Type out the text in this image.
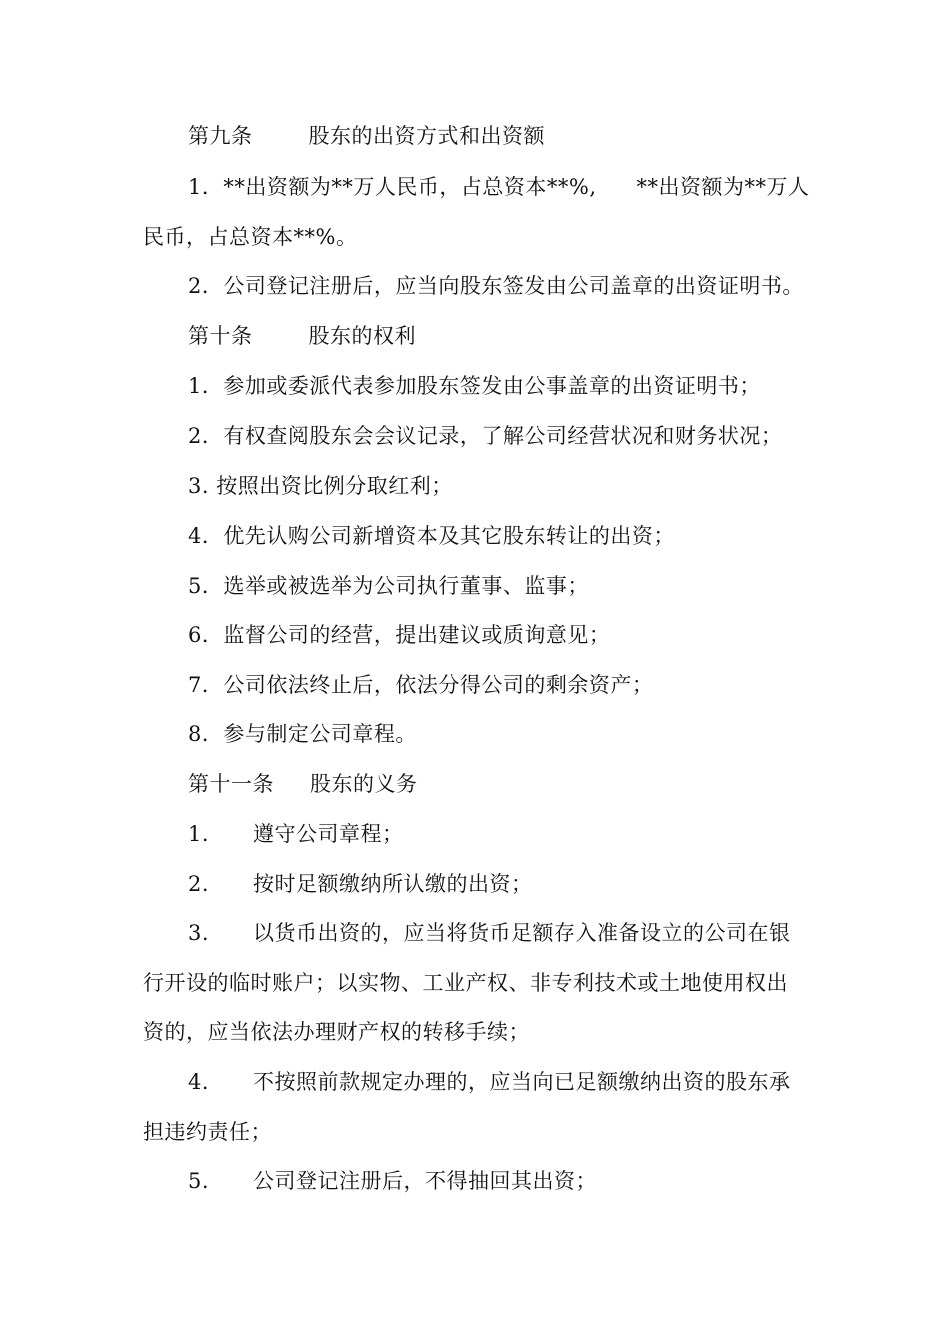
第九条	股东的出资方式和出资额
1．**出资额为**万人民币，占总资本**%, **出资额为**万人
民币，占总资本**%。
2．公司登记注册后，应当向股东签发由公司盖章的出资证明书。
第十条	股东的权利
1．参加或委派代表参加股东签发由公事盖章的出资证明书；
2．有权查阅股东会会议记录，了解公司经营状况和财务状况；
3. 按照出资比例分取红利；
4．优先认购公司新增资本及其它股东转让的出资；
5．选举或被选举为公司执行董事、监事；
6．监督公司的经营，提出建议或质询意见；
7．公司依法终止后，依法分得公司的剩余资产；
8．参与制定公司章程。
第十一条 股东的义务
1. 遵守公司章程；
2. 按时足额缴纳所认缴的出资；
3. 以货币出资的，应当将货币足额存入准备设立的公司在银
行开设的临时账户；以实物、工业产权、非专利技术或土地使用权出
资的，应当依法办理财产权的转移手续；
4. 不按照前款规定办理的，应当向已足额缴纳出资的股东承
担违约责任；
5. 公司登记注册后，不得抽回其出资；
